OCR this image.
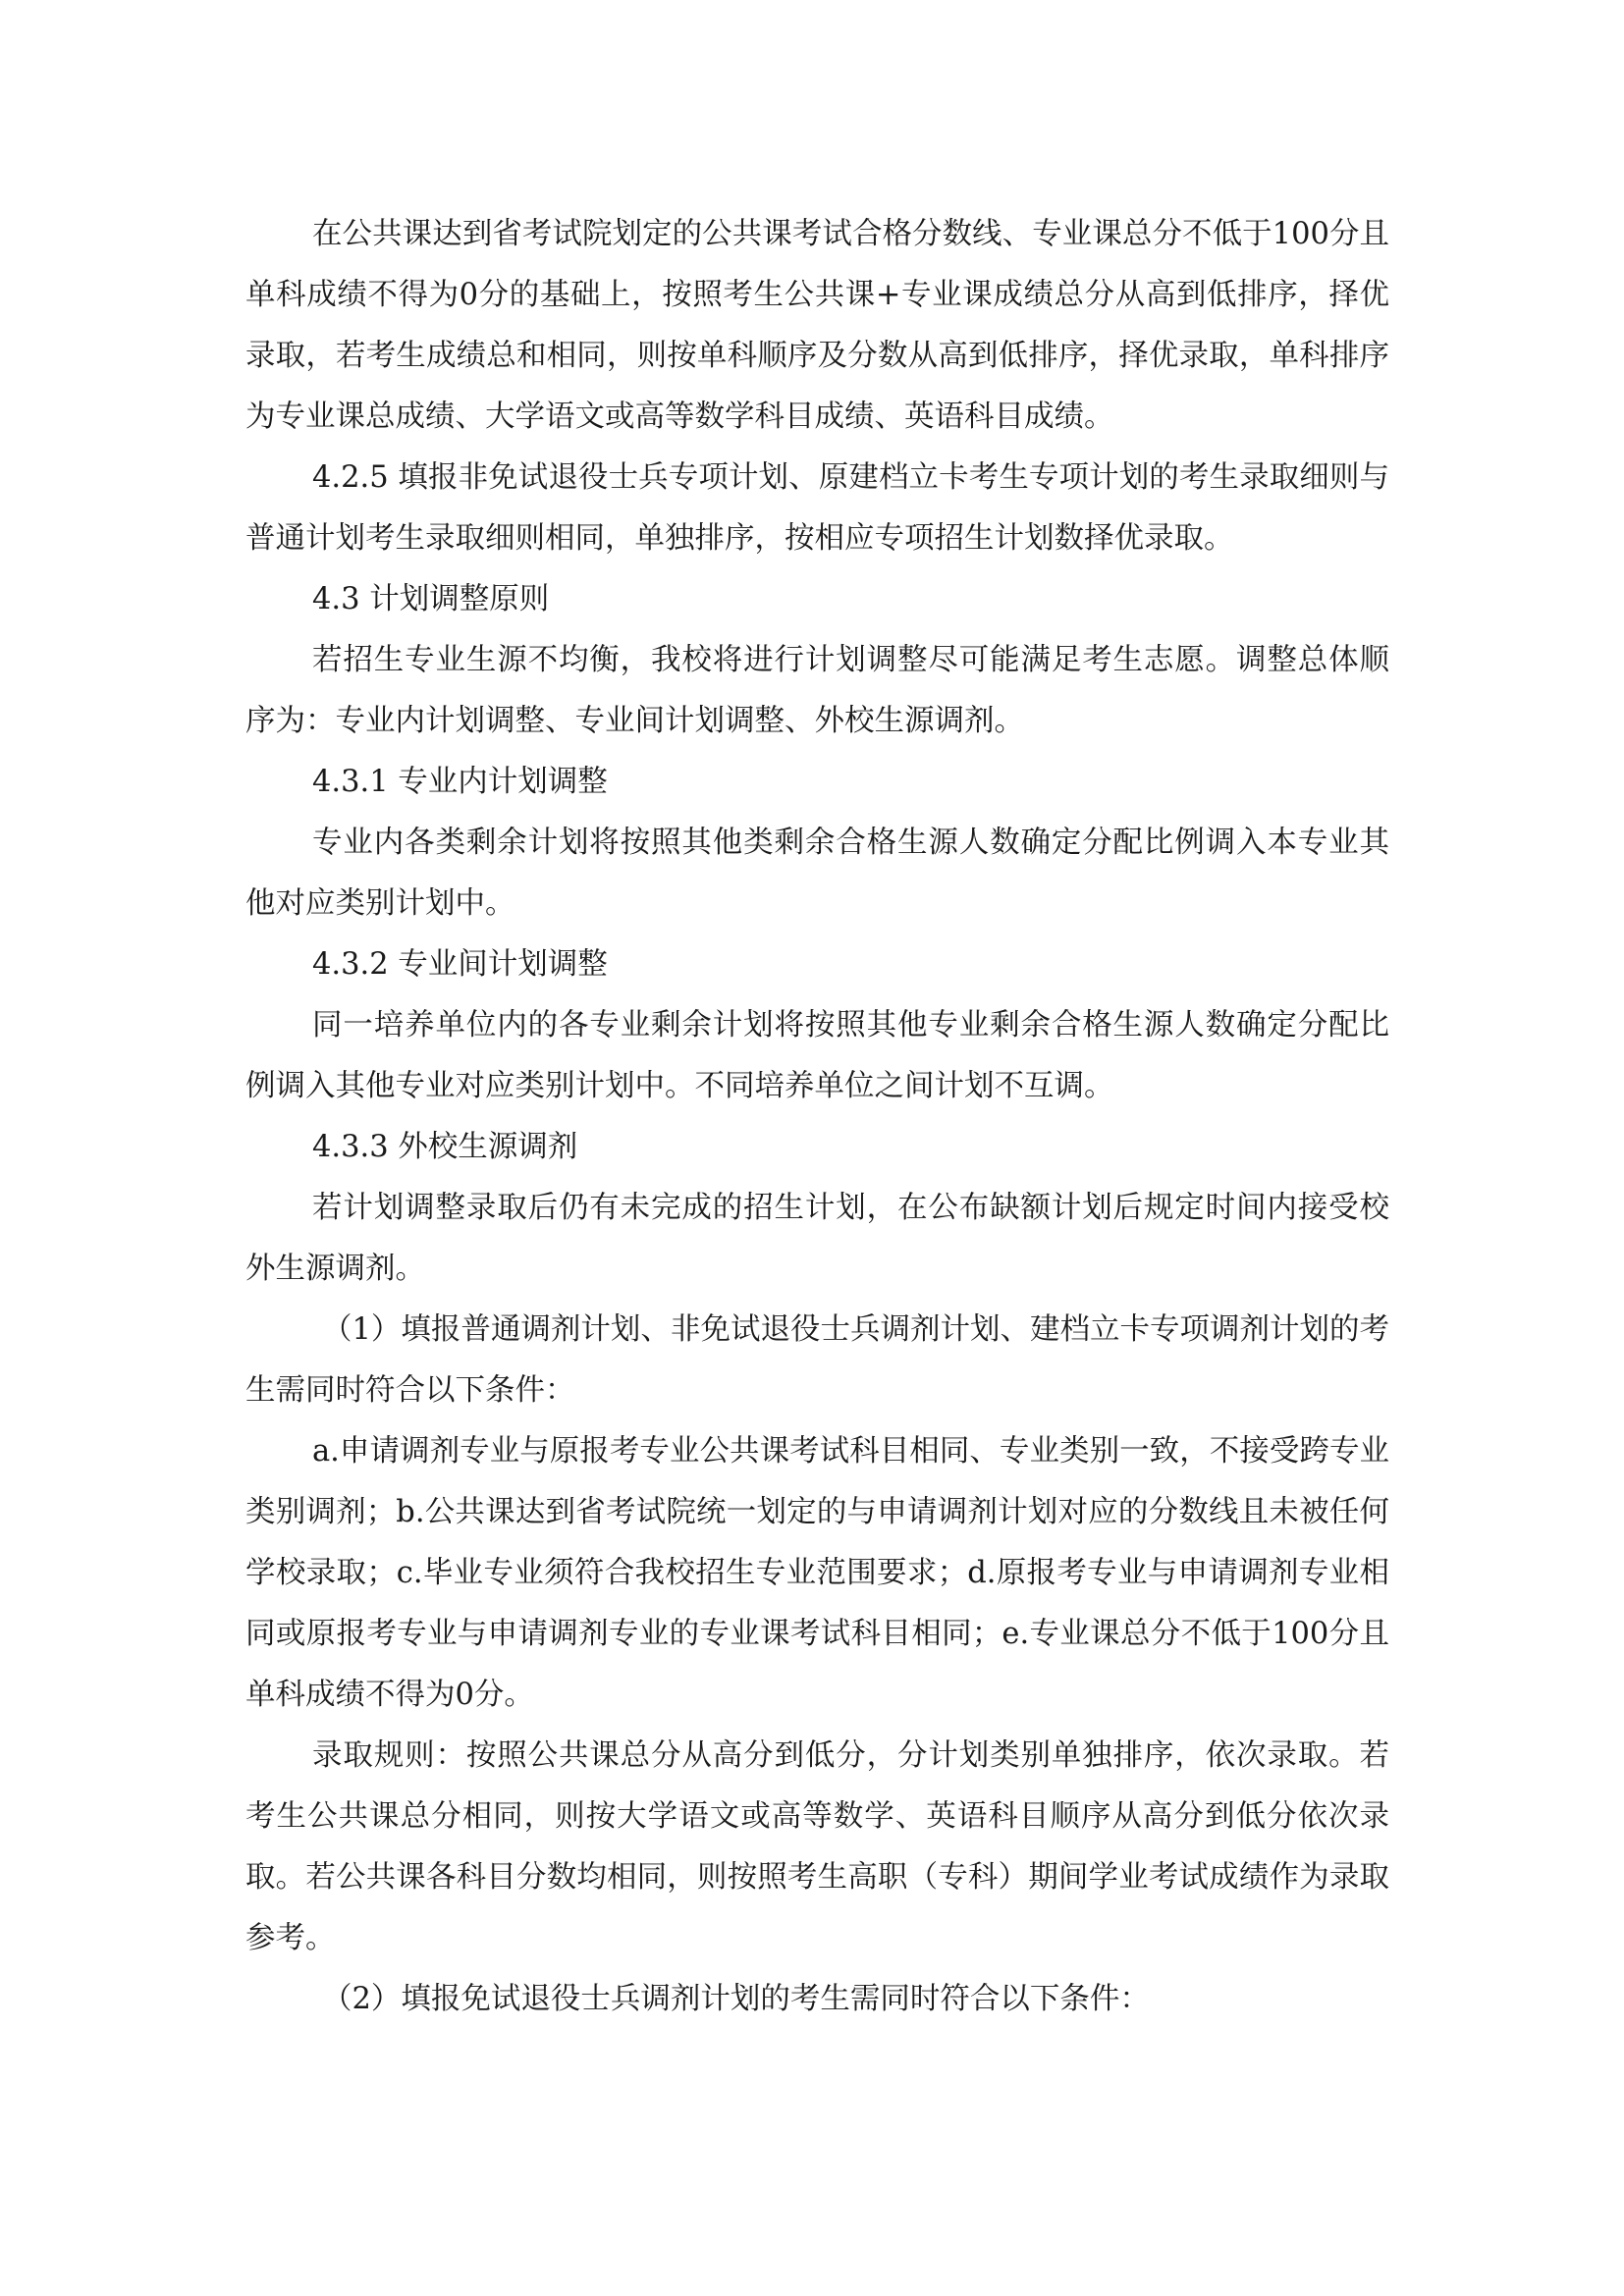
在公共课达到省考试院划定的公共课考试合格分数线、专业课总分不低于100分且单科成绩不得为0分的基础上，按照考生公共课+专业课成绩总分从高到低排序，择优录取，若考生成绩总和相同，则按单科顺序及分数从高到低排序，择优录取，单科排序为专业课总成绩、大学语文或高等数学科目成绩、英语科目成绩。

4.2.5 填报非免试退役士兵专项计划、原建档立卡考生专项计划的考生录取细则与普通计划考生录取细则相同，单独排序，按相应专项招生计划数择优录取。

4.3 计划调整原则

若招生专业生源不均衡，我校将进行计划调整尽可能满足考生志愿。调整总体顺序为：专业内计划调整、专业间计划调整、外校生源调剂。

4.3.1 专业内计划调整

专业内各类剩余计划将按照其他类剩余合格生源人数确定分配比例调入本专业其他对应类别计划中。

4.3.2 专业间计划调整

同一培养单位内的各专业剩余计划将按照其他专业剩余合格生源人数确定分配比例调入其他专业对应类别计划中。不同培养单位之间计划不互调。

4.3.3 外校生源调剂

若计划调整录取后仍有未完成的招生计划，在公布缺额计划后规定时间内接受校外生源调剂。

（1）填报普通调剂计划、非免试退役士兵调剂计划、建档立卡专项调剂计划的考生需同时符合以下条件：

a.申请调剂专业与原报考专业公共课考试科目相同、专业类别一致，不接受跨专业类别调剂；b.公共课达到省考试院统一划定的与申请调剂计划对应的分数线且未被任何学校录取；c.毕业专业须符合我校招生专业范围要求；d.原报考专业与申请调剂专业相同或原报考专业与申请调剂专业的专业课考试科目相同；e.专业课总分不低于100分且单科成绩不得为0分。

录取规则：按照公共课总分从高分到低分，分计划类别单独排序，依次录取。若考生公共课总分相同，则按大学语文或高等数学、英语科目顺序从高分到低分依次录取。若公共课各科目分数均相同，则按照考生高职（专科）期间学业考试成绩作为录取参考。

（2）填报免试退役士兵调剂计划的考生需同时符合以下条件：
